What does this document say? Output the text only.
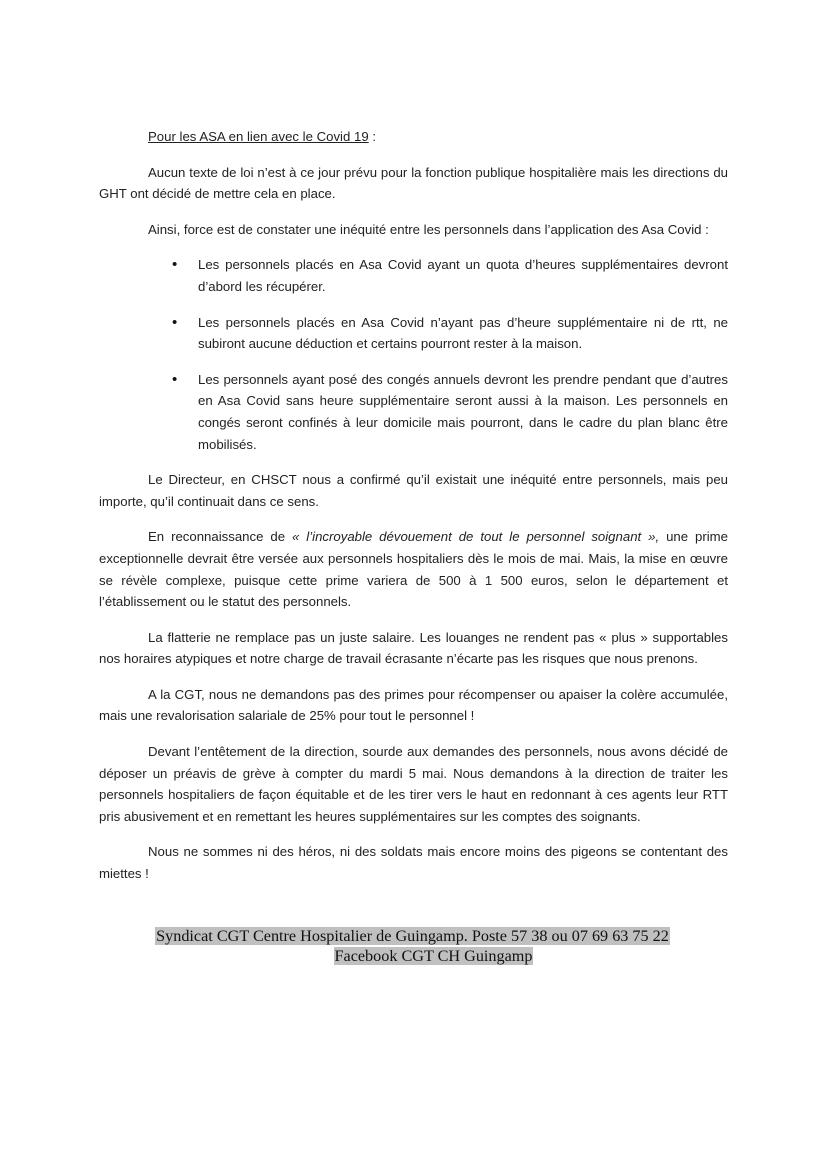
Pour les ASA en lien avec le Covid 19 :

Aucun texte de loi n’est à ce jour prévu pour la fonction publique hospitalière mais les directions du GHT ont décidé de mettre cela en place.

Ainsi, force est de constater une inéquité entre les personnels dans l’application des Asa Covid :

• Les personnels placés en Asa Covid ayant un quota d’heures supplémentaires devront d’abord les récupérer.
• Les personnels placés en Asa Covid n’ayant pas d’heure supplémentaire ni de rtt, ne subiront aucune déduction et certains pourront rester à la maison.
• Les personnels ayant posé des congés annuels devront les prendre pendant que d’autres en Asa Covid sans heure supplémentaire seront aussi à la maison. Les personnels en congés seront confinés à leur domicile mais pourront, dans le cadre du plan blanc être mobilisés.

Le Directeur, en CHSCT nous a confirmé qu’il existait une inéquité entre personnels, mais peu importe, qu’il continuait dans ce sens.

En reconnaissance de « l’incroyable dévouement de tout le personnel soignant », une prime exceptionnelle devrait être versée aux personnels hospitaliers dès le mois de mai. Mais, la mise en œuvre se révèle complexe, puisque cette prime variera de 500 à 1 500 euros, selon le département et l’établissement ou le statut des personnels.

La flatterie ne remplace pas un juste salaire. Les louanges ne rendent pas « plus » supportables nos horaires atypiques et notre charge de travail écrasante n’écarte pas les risques que nous prenons.

A la CGT, nous ne demandons pas des primes pour récompenser ou apaiser la colère accumulée, mais une revalorisation salariale de 25% pour tout le personnel !

Devant l’entêtement de la direction, sourde aux demandes des personnels, nous avons décidé de déposer un préavis de grève à compter du mardi 5 mai. Nous demandons à la direction de traiter les personnels hospitaliers de façon équitable et de les tirer vers le haut en redonnant à ces agents leur RTT pris abusivement et en remettant les heures supplémentaires sur les comptes des soignants.

Nous ne sommes ni des héros, ni des soldats mais encore moins des pigeons se contentant des miettes !

Syndicat CGT Centre Hospitalier de Guingamp. Poste 57 38 ou 07 69 63 75 22
Facebook CGT CH Guingamp
